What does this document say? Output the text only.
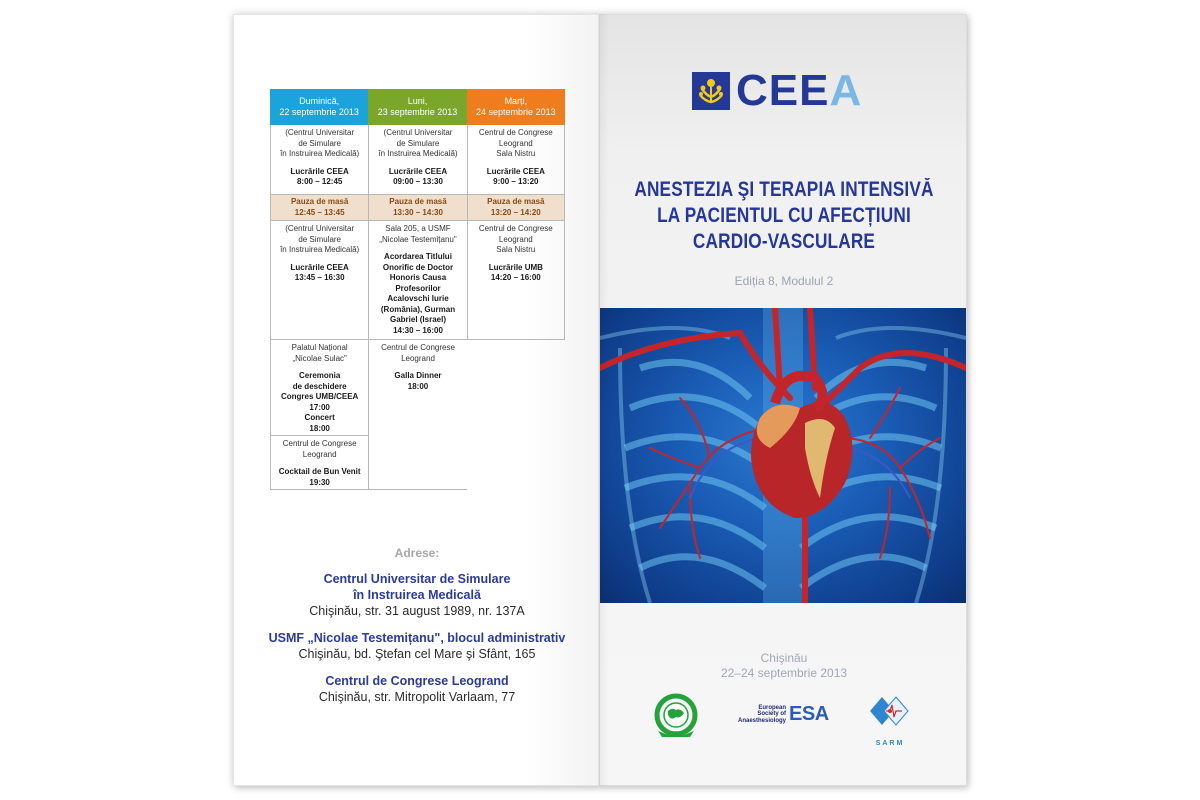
Duminică,
22 septembrie 2013
Luni,
23 septembrie 2013
Marți,
24 septembrie 2013
(Centrul Universitar
de Simulare
în Instruirea Medicală)
Lucrările CEEA
8:00 – 12:45
Pauza de masă
12:45 – 13:45
(Centrul Universitar
de Simulare
în Instruirea Medicală)
Lucrările CEEA
13:45 – 16:30
Palatul Național
„Nicolae Sulac"
Ceremonia
de deschidere
Congres UMB/CEEA
17:00
Concert
18:00
Centrul de Congrese
Leogrand
Cocktail de Bun Venit
19:30
(Centrul Universitar
de Simulare
în Instruirea Medicală)
Lucrările CEEA
09:00 – 13:30
Pauza de masă
13:30 – 14:30
Sala 205, a USMF
„Nicolae Testemițanu"
Acordarea Titlului
Onorific de Doctor
Honoris Causa
Profesorilor
Acalovschi Iurie
(România), Gurman
Gabriel (Israel)
14:30 – 16:00
Centrul de Congrese
Leogrand
Galla Dinner
18:00
Centrul de Congrese
Leogrand
Sala Nistru
Lucrările CEEA
9:00 – 13:20
Pauza de masă
13:20 – 14:20
Centrul de Congrese
Leogrand
Sala Nistru
Lucrările UMB
14:20 – 16:00
Adrese:
Centrul Universitar de Simulare
în Instruirea Medicală
Chişinău, str. 31 august 1989, nr. 137A
USMF „Nicolae Testemițanu", blocul administrativ
Chişinău, bd. Ştefan cel Mare şi Sfânt, 165
Centrul de Congrese Leogrand
Chişinău, str. Mitropolit Varlaam, 77
CEEA
ANESTEZIA ŞI TERAPIA INTENSIVĂ
LA PACIENTUL CU AFECȚIUNI
CARDIO-VASCULARE
Ediția 8, Modulul 2
Chişinău
22–24 septembrie 2013
European
Society of
Anaesthesiology ESA
SARM
